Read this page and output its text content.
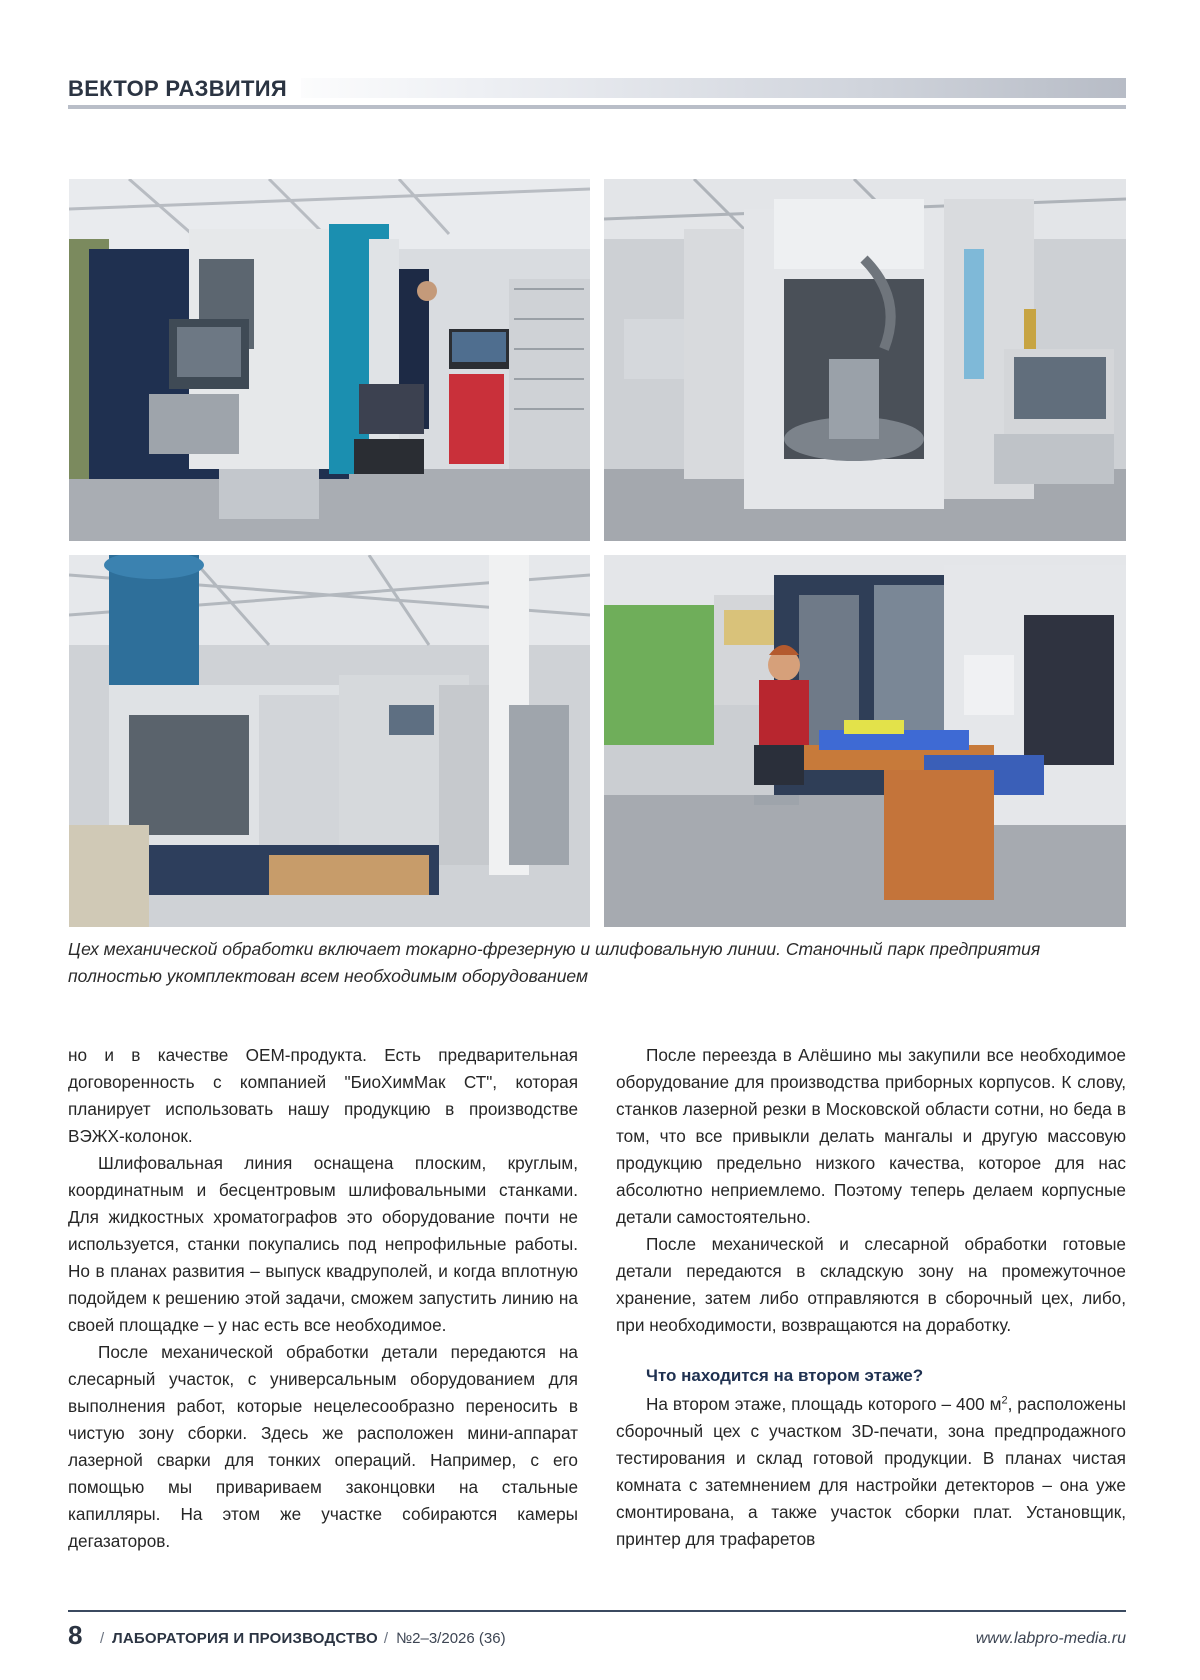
ВЕКТОР РАЗВИТИЯ
Цех механической обработки включает токарно-фрезерную и шлифовальную линии. Станочный парк предприятия полностью укомплектован всем необходимым оборудованием

но и в качестве ОЕМ-продукта. Есть предварительная договоренность с компанией "БиоХимМак СТ", которая планирует использовать нашу продукцию в производстве ВЭЖХ-колонок.

Шлифовальная линия оснащена плоским, круглым, координатным и бесцентровым шлифовальными станками. Для жидкостных хроматографов это оборудование почти не используется, станки покупались под непрофильные работы. Но в планах развития – выпуск квадруполей, и когда вплотную подойдем к решению этой задачи, сможем запустить линию на своей площадке – у нас есть все необходимое.

После механической обработки детали передаются на слесарный участок, с универсальным оборудованием для выполнения работ, которые нецелесообразно переносить в чистую зону сборки. Здесь же расположен мини-аппарат лазерной сварки для тонких операций. Например, с его помощью мы привариваем законцовки на стальные капилляры. На этом же участке собираются камеры дегазаторов.

После переезда в Алёшино мы закупили все необходимое оборудование для производства приборных корпусов. К слову, станков лазерной резки в Московской области сотни, но беда в том, что все привыкли делать мангалы и другую массовую продукцию предельно низкого качества, которое для нас абсолютно неприемлемо. Поэтому теперь делаем корпусные детали самостоятельно.

После механической и слесарной обработки готовые детали передаются в складскую зону на промежуточное хранение, затем либо отправляются в сборочный цех, либо, при необходимости, возвращаются на доработку.

Что находится на втором этаже?

На втором этаже, площадь которого – 400 $м^2$, расположены сборочный цех с участком 3D-печати, зона предпродажного тестирования и склад готовой продукции. В планах чистая комната с затемнением для настройки детекторов – она уже смонтирована, а также участок сборки плат. Установщик, принтер для трафаретов

8	/ ЛАБОРАТОРИЯ И ПРОИЗВОДСТВО / №2–3/2026 (36)	www.labpro-media.ru
